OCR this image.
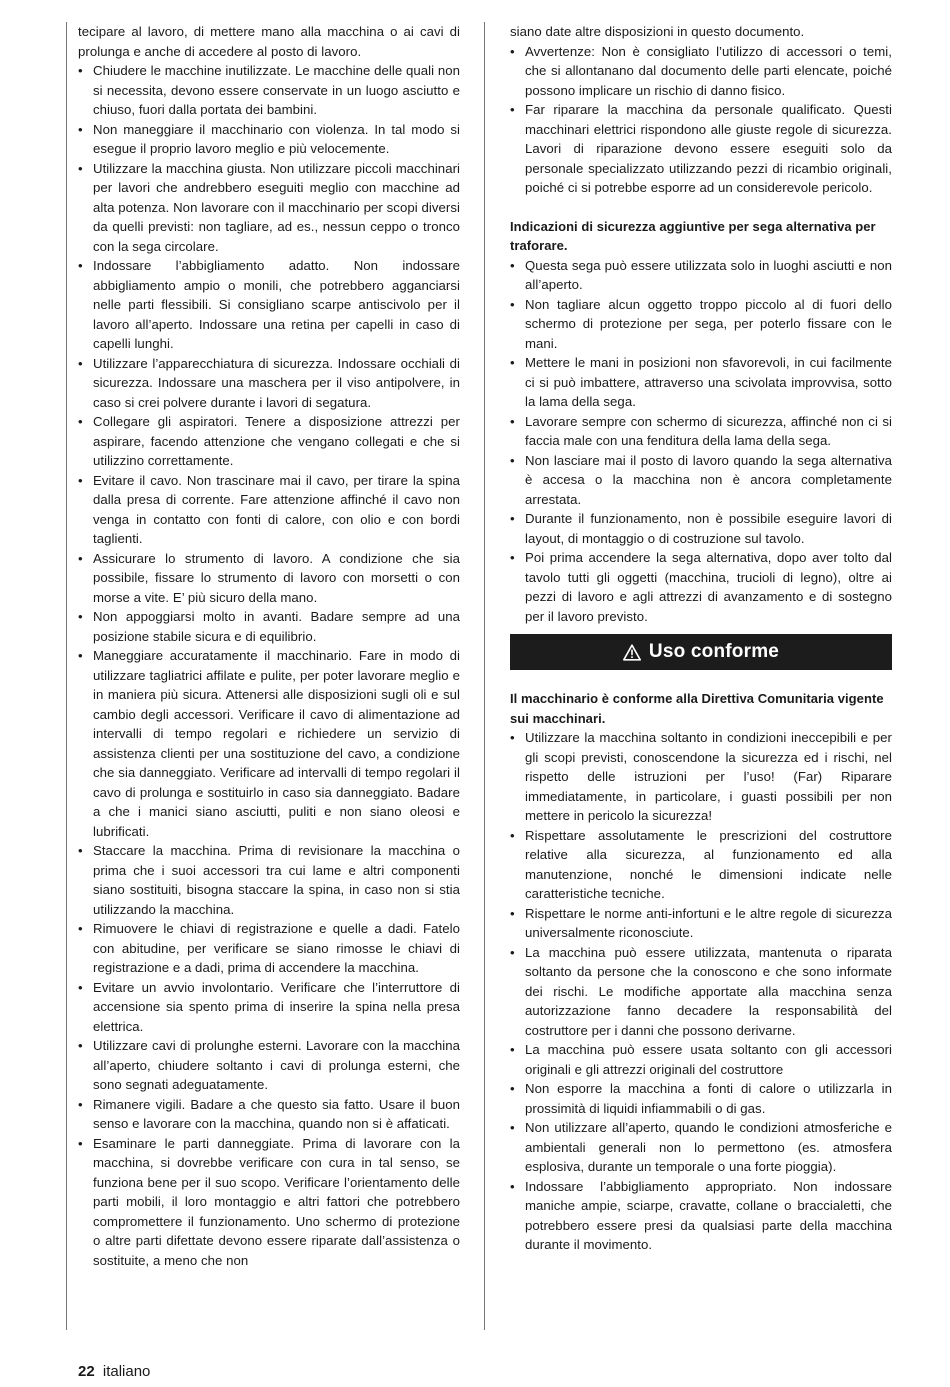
tecipare al lavoro, di mettere mano alla macchina o ai cavi di prolunga e anche di accedere al posto di lavoro.

• Chiudere le macchine inutilizzate. Le macchine delle quali non si necessita, devono essere conservate in un luogo asciutto e chiuso, fuori dalla portata dei bambini.
• Non maneggiare il macchinario con violenza. In tal modo si esegue il proprio lavoro meglio e più velocemente.
• Utilizzare la macchina giusta. Non utilizzare piccoli macchinari per lavori che andrebbero eseguiti meglio con macchine ad alta potenza. Non lavorare con il macchinario per scopi diversi da quelli previsti: non tagliare, ad es., nessun ceppo o tronco con la sega circolare.
• Indossare l’abbigliamento adatto. Non indossare abbigliamento ampio o monili, che potrebbero agganciarsi nelle parti flessibili. Si consigliano scarpe antiscivolo per il lavoro all’aperto. Indossare una retina per capelli in caso di capelli lunghi.
• Utilizzare l’apparecchiatura di sicurezza. Indossare occhiali di sicurezza. Indossare una maschera per il viso antipolvere, in caso si crei polvere durante i lavori di segatura.
• Collegare gli aspiratori. Tenere a disposizione attrezzi per aspirare, facendo attenzione che vengano collegati e che si utilizzino correttamente.
• Evitare il cavo. Non trascinare mai il cavo, per tirare la spina dalla presa di corrente. Fare attenzione affinché il cavo non venga in contatto con fonti di calore, con olio e con bordi taglienti.
• Assicurare lo strumento di lavoro. A condizione che sia possibile, fissare lo strumento di lavoro con morsetti o con morse a vite. E’ più sicuro della mano.
• Non appoggiarsi molto in avanti. Badare sempre ad una posizione stabile sicura e di equilibrio.
• Maneggiare accuratamente il macchinario. Fare in modo di utilizzare tagliatrici affilate e pulite, per poter lavorare meglio e in maniera più sicura. Attenersi alle disposizioni sugli oli e sul cambio degli accessori. Verificare il cavo di alimentazione ad intervalli di tempo regolari e richiedere un servizio di assistenza clienti per una sostituzione del cavo, a condizione che sia danneggiato. Verificare ad intervalli di tempo regolari il cavo di prolunga e sostituirlo in caso sia danneggiato. Badare a che i manici siano asciutti, puliti e non siano oleosi e lubrificati.
• Staccare la macchina. Prima di revisionare la macchina o prima che i suoi accessori tra cui lame e altri componenti siano sostituiti, bisogna staccare la spina, in caso non si stia utilizzando la macchina.
• Rimuovere le chiavi di registrazione e quelle a dadi. Fatelo con abitudine, per verificare se siano rimosse le chiavi di registrazione e a dadi, prima di accendere la macchina.
• Evitare un avvio involontario. Verificare che l’interruttore di accensione sia spento prima di inserire la spina nella presa elettrica.
• Utilizzare cavi di prolunghe esterni. Lavorare con la macchina all’aperto, chiudere soltanto i cavi di prolunga esterni, che sono segnati adeguatamente.
• Rimanere vigili. Badare a che questo sia fatto. Usare il buon senso e lavorare con la macchina, quando non si è affaticati.
• Esaminare le parti danneggiate. Prima di lavorare con la macchina, si dovrebbe verificare con cura in tal senso, se funziona bene per il suo scopo. Verificare l’orientamento delle parti mobili, il loro montaggio e altri fattori che potrebbero compromettere il funzionamento. Uno schermo di protezione o altre parti difettate devono essere riparate dall’assistenza o sostituite, a meno che non

siano date altre disposizioni in questo documento.

• Avvertenze: Non è consigliato l’utilizzo di accessori o temi, che si allontanano dal documento delle parti elencate, poiché possono implicare un rischio di danno fisico.
• Far riparare la macchina da personale qualificato. Questi macchinari elettrici rispondono alle giuste regole di sicurezza. Lavori di riparazione devono essere eseguiti solo da personale specializzato utilizzando pezzi di ricambio originali, poiché ci si potrebbe esporre ad un considerevole pericolo.

Indicazioni di sicurezza aggiuntive per sega alternativa per traforare.

• Questa sega può essere utilizzata solo in luoghi asciutti e non all’aperto.
• Non tagliare alcun oggetto troppo piccolo al di fuori dello schermo di protezione per sega, per poterlo fissare con le mani.
• Mettere le mani in posizioni non sfavorevoli, in cui facilmente ci si può imbattere, attraverso una scivolata improvvisa, sotto la lama della sega.
• Lavorare sempre con schermo di sicurezza, affinché non ci si faccia male con una fenditura della lama della sega.
• Non lasciare mai il posto di lavoro quando la sega alternativa è accesa o la macchina non è ancora completamente arrestata.
• Durante il funzionamento, non è possibile eseguire lavori di layout, di montaggio o di costruzione sul tavolo.
• Poi prima accendere la sega alternativa, dopo aver tolto dal tavolo tutti gli oggetti (macchina, trucioli di legno), oltre ai pezzi di lavoro e agli attrezzi di avanzamento e di sostegno per il lavoro previsto.
Uso conforme

Il macchinario è conforme alla Direttiva Comunitaria vigente sui macchinari.

• Utilizzare la macchina soltanto in condizioni ineccepibili e per gli scopi previsti, conoscendone la sicurezza ed i rischi, nel rispetto delle istruzioni per l’uso! (Far) Riparare immediatamente, in particolare, i guasti possibili per non mettere in pericolo la sicurezza!
• Rispettare assolutamente le prescrizioni del costruttore relative alla sicurezza, al funzionamento ed alla manutenzione, nonché le dimensioni indicate nelle caratteristiche tecniche.
• Rispettare le norme anti-infortuni e le altre regole di sicurezza universalmente riconosciute.
• La macchina può essere utilizzata, mantenuta o riparata soltanto da persone che la conoscono e che sono informate dei rischi. Le modifiche apportate alla macchina senza autorizzazione fanno decadere la responsabilità del costruttore per i danni che possono derivarne.
• La macchina può essere usata soltanto con gli accessori originali e gli attrezzi originali del costruttore
• Non esporre la macchina a fonti di calore o utilizzarla in prossimità di liquidi infiammabili o di gas.
• Non utilizzare all’aperto, quando le condizioni atmosferiche e ambientali generali non lo permettono (es. atmosfera esplosiva, durante un temporale o una forte pioggia).
• Indossare l’abbigliamento appropriato. Non indossare maniche ampie, sciarpe, cravatte, collane o braccialetti, che potrebbero essere presi da qualsiasi parte della macchina durante il movimento.
22 italiano
